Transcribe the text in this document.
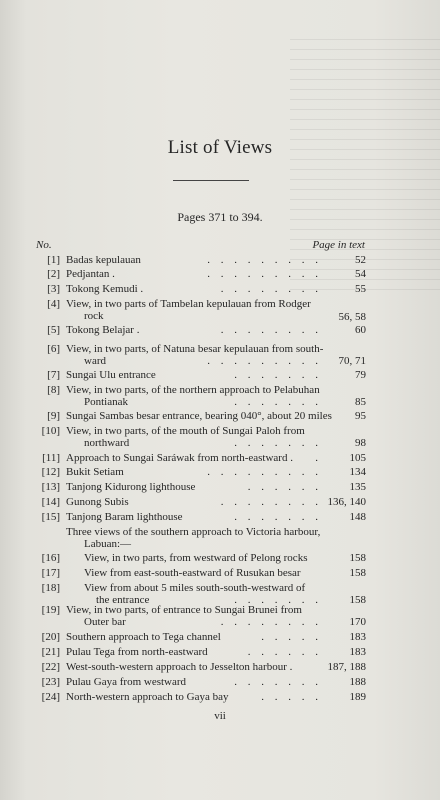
List of Views
Pages 371 to 394.
No.	Page in text
[1] Badas kepulauan	. . . . . . . . .	52
[2] Pedjantan .	. . . . . . . . .	54
[3] Tokong Kemudi .	. . . . . . . .	55
[4] View, in two parts of Tambelan kepulauan from Rodger
rock	56, 58
[5] Tokong Belajar .	. . . . . . . .	60
[6] View, in two parts, of Natuna besar kepulauan from south-
ward	. . . . . . . . . 70, 71
[7] Sungai Ulu entrance	. . . . . . .	79
[8] View, in two parts, of the northern approach to Pelabuhan
Pontianak	. . . . . . .	85
[9] Sungai Sambas besar entrance, bearing 040°, about 20 miles 95
[10] View, in two parts, of the mouth of Sungai Paloh from
northward	. . . . . . .	98
[11] Approach to Sungai Saráwak from north-eastward . .	105
[12] Bukit Setiam	. . . . . . . . .	134
[13] Tanjong Kidurong lighthouse	. . . . . .	135
[14] Gunong Subis	. . . . . . . . 136, 140
[15] Tanjong Baram lighthouse	. . . . . . .	148
Three views of the southern approach to Victoria harbour,
Labuan:—
[16] View, in two parts, from westward of Pelong rocks	158
[17] View from east-south-eastward of Rusukan besar	158
[18] View from about 5 miles south-south-westward of
the entrance	. . . . . . .	158
[19] View, in two parts, of entrance to Sungai Brunei from
Outer bar	. . . . . . . .	170
[20] Southern approach to Tega channel	. . . . .	183
[21] Pulau Tega from north-eastward	. . . . . .	183
[22] West-south-western approach to Jesselton harbour .	187, 188
[23] Pulau Gaya from westward	. . . . . . .	188
[24] North-western approach to Gaya bay	. . . . .	189
vii
